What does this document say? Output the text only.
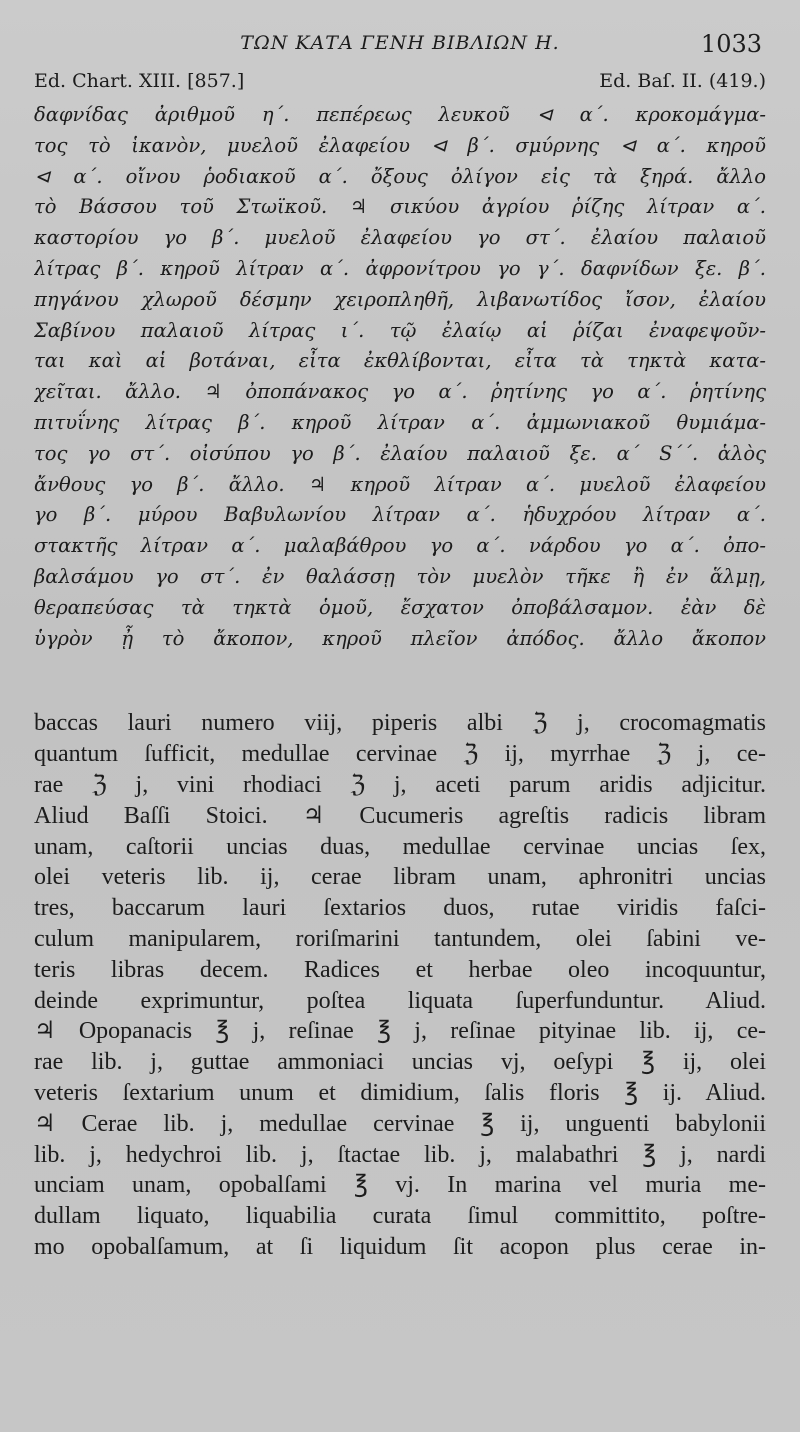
ΤΩΝ ΚΑΤΑ ΓΕΝΗ ΒΙΒΛΙΩΝ Η.	1033
Ed. Chart. XIII. [857.]	Ed. Baſ. II. (419.)
δαφνίδας ἀριθμοῦ η΄. πεπέρεως λευκοῦ ⊲ α΄. κροκομάγμα-
τος τὸ ἱκανὸν, μυελοῦ ἐλαφείου ⊲ β΄. σμύρνης ⊲ α΄. κηροῦ
⊲ α΄. οἴνου ῥοδιακοῦ α΄. ὄξους ὀλίγον εἰς τὰ ξηρά. ἄλλο
τὸ Βάσσου τοῦ Στωϊκοῦ. ♃ σικύου ἀγρίου ῥίζης λίτραν α΄.
καστορίου γο β΄. μυελοῦ ἐλαφείου γο στ΄. ἐλαίου παλαιοῦ
λίτρας β΄. κηροῦ λίτραν α΄. ἀφρονίτρου γο γ΄. δαφνίδων ξε. β΄.
πηγάνου χλωροῦ δέσμην χειροπληθῆ, λιβανωτίδος ἴσον, ἐλαίου
Σαβίνου παλαιοῦ λίτρας ι΄. τῷ ἐλαίῳ αἱ ῥίζαι ἐναφεψοῦν-
ται καὶ αἱ βοτάναι, εἶτα ἐκθλίβονται, εἶτα τὰ τηκτὰ κατα-
χεῖται. ἄλλο. ♃ ὀποπάνακος γο α΄. ῥητίνης γο α΄. ῥητίνης
πιτυΐνης λίτρας β΄. κηροῦ λίτραν α΄. ἀμμωνιακοῦ θυμιάμα-
τος γο στ΄. οἰσύπου γο β΄. ἐλαίου παλαιοῦ ξε. α΄ S΄΄. ἁλὸς
ἄνθους γο β΄. ἄλλο. ♃ κηροῦ λίτραν α΄. μυελοῦ ἐλαφείου
γο β΄. μύρου Βαβυλωνίου λίτραν α΄. ἡδυχρόου λίτραν α΄.
στακτῆς λίτραν α΄. μαλαβάθρου γο α΄. νάρδου γο α΄. ὀπο-
βαλσάμου γο στ΄. ἐν θαλάσσῃ τὸν μυελὸν τῆκε ἢ ἐν ἅλμῃ,
θεραπεύσας τὰ τηκτὰ ὁμοῦ, ἔσχατον ὀποβάλσαμον. ἐὰν δὲ
ὑγρὸν ᾖ τὸ ἄκοπον, κηροῦ πλεῖον ἀπόδος. ἄλλο ἄκοπον
baccas lauri numero viij, piperis albi ℨ j, crocomagmatis
quantum ſufficit, medullae cervinae ℨ ij, myrrhae ℨ j, ce-
rae ℨ j, vini rhodiaci ℨ j, aceti parum aridis adjicitur.
Aliud Baſſi Stoici. ♃ Cucumeris agreſtis radicis libram
unam, caſtorii uncias duas, medullae cervinae uncias ſex,
olei veteris lib. ij, cerae libram unam, aphronitri uncias
tres, baccarum lauri ſextarios duos, rutae viridis faſci-
culum manipularem, roriſmarini tantundem, olei ſabini ve-
teris libras decem. Radices et herbae oleo incoquuntur,
deinde exprimuntur, poſtea liquata ſuperfunduntur. Aliud.
♃ Opopanacis ℥ j, reſinae ℥ j, reſinae pityinae lib. ij, ce-
rae lib. j, guttae ammoniaci uncias vj, oeſypi ℥ ij, olei
veteris ſextarium unum et dimidium, ſalis floris ℥ ij. Aliud.
♃ Cerae lib. j, medullae cervinae ℥ ij, unguenti babylonii
lib. j, hedychroi lib. j, ſtactae lib. j, malabathri ℥ j, nardi
unciam unam, opobalſami ℥ vj. In marina vel muria me-
dullam liquato, liquabilia curata ſimul committito, poſtre-
mo opobalſamum, at ſi liquidum ſit acopon plus cerae in-
